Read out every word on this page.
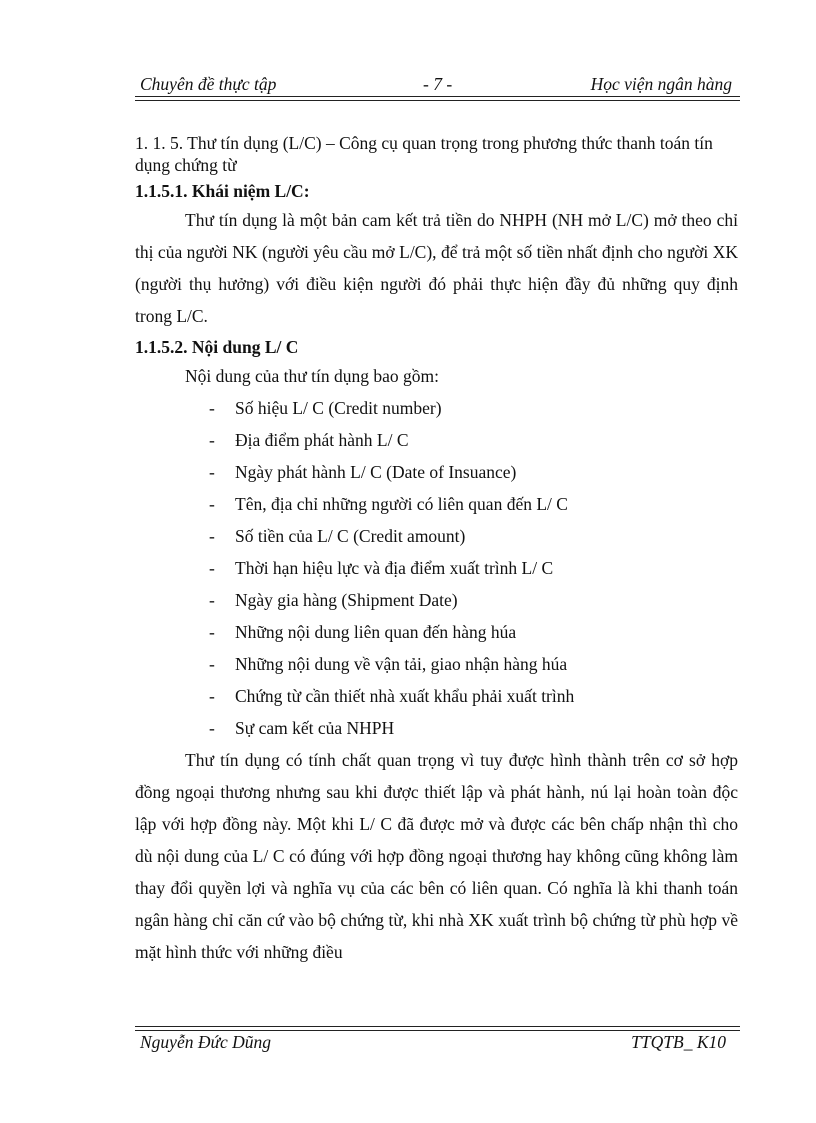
Chuyên đề thực tập	- 7 -	Học viện ngân hàng

1. 1. 5. Thư tín dụng (L/C) – Công cụ quan trọng trong phương thức thanh toán tín dụng chứng từ

1.1.5.1. Khái niệm L/C:

Thư tín dụng là một bản cam kết trả tiền do NHPH (NH mở L/C) mở theo chỉ thị của người NK (người yêu cầu mở L/C), để trả một số tiền nhất định cho người XK (người thụ hưởng) với điều kiện người đó phải thực hiện đầy đủ những quy định trong L/C.

1.1.5.2. Nội dung L/ C

Nội dung của thư tín dụng bao gồm:

- Số hiệu L/ C (Credit number)
- Địa điểm phát hành L/ C
- Ngày phát hành L/ C (Date of Insuance)
- Tên, địa chỉ những người có liên quan đến L/ C
- Số tiền của L/ C (Credit amount)
- Thời hạn hiệu lực và địa điểm xuất trình L/ C
- Ngày gia hàng (Shipment Date)
- Những nội dung liên quan đến hàng húa
- Những nội dung về vận tải, giao nhận hàng húa
- Chứng từ cần thiết nhà xuất khẩu phải xuất trình
- Sự cam kết của NHPH

Thư tín dụng có tính chất quan trọng vì tuy được hình thành trên cơ sở hợp đồng ngoại thương nhưng sau khi được thiết lập và phát hành, nú lại hoàn toàn độc lập với hợp đồng này. Một khi L/ C đã được mở và được các bên chấp nhận thì cho dù nội dung của L/ C có đúng với hợp đồng ngoại thương hay không cũng không làm thay đổi quyền lợi và nghĩa vụ của các bên có liên quan. Có nghĩa là khi thanh toán ngân hàng chỉ căn cứ vào bộ chứng từ, khi nhà XK xuất trình bộ chứng từ phù hợp về mặt hình thức với những điều

Nguyễn Đức Dũng	TTQTB_ K10
